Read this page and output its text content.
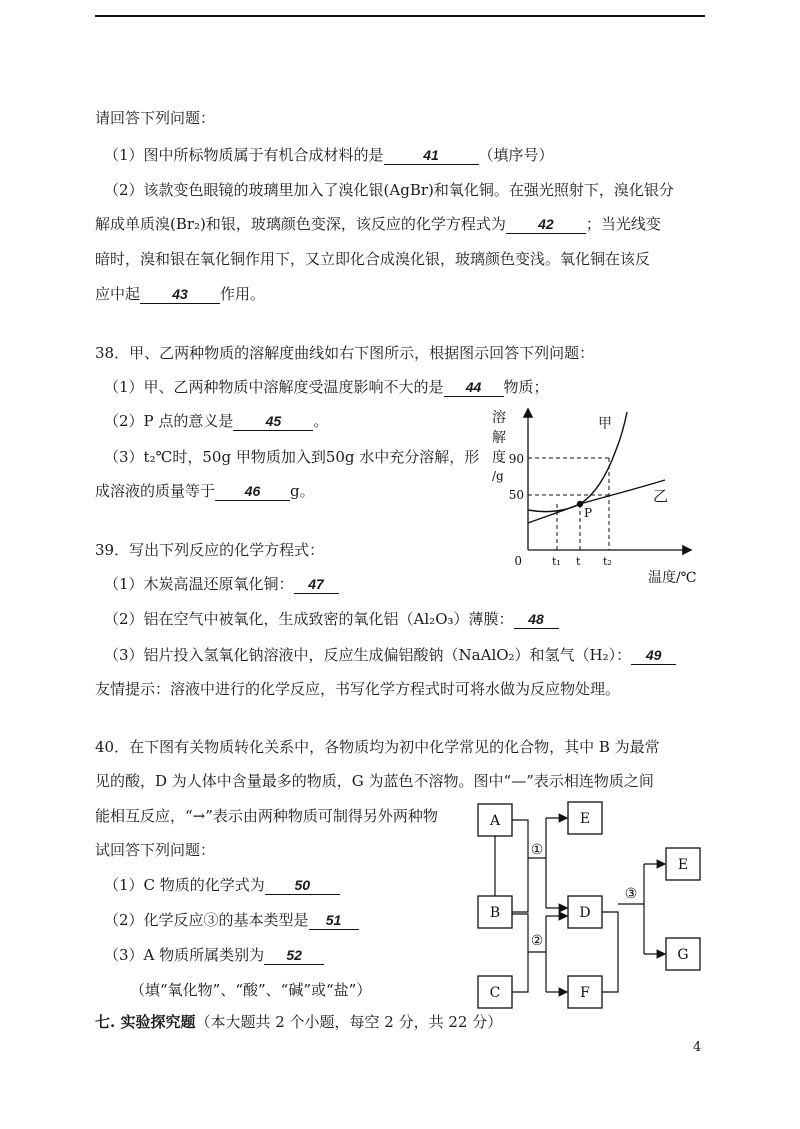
请回答下列问题：
（1）图中所标物质属于有机合成材料的是	41	（填序号）
（2）该款变色眼镜的玻璃里加入了溴化银(AgBr)和氧化铜。在强光照射下，溴化银分
解成单质溴(Br₂)和银，玻璃颜色变深，该反应的化学方程式为 42 ；当光线变
暗时，溴和银在氧化铜作用下，又立即化合成溴化银，玻璃颜色变浅。氧化铜在该反
应中起 43 作用。
38．甲、乙两种物质的溶解度曲线如右下图所示，根据图示回答下列问题：
（1）甲、乙两种物质中溶解度受温度影响不大的是 44 物质；
（2）P 点的意义是 45 。
（3）t₂℃时，50g 甲物质加入到50g 水中充分溶解，形
成溶液的质量等于 46 g。
溶
解
度
/g
0
90
50
P
甲
乙
t₁ t t₂
温度/℃
39．写出下列反应的化学方程式：
（1）木炭高温还原氧化铜： 47
（2）铝在空气中被氧化，生成致密的氧化铝（Al₂O₃）薄膜： 48
（3）铝片投入氢氧化钠溶液中，反应生成偏铝酸钠（NaAlO₂）和氢气（H₂）： 49
友情提示：溶液中进行的化学反应，书写化学方程式时可将水做为反应物处理。
40．在下图有关物质转化关系中，各物质均为初中化学常见的化合物，其中 B 为最常
见的酸，D 为人体中含量最多的物质，G 为蓝色不溶物。图中“—”表示相连物质之间
能相互反应，“→”表示由两种物质可制得另外两种物
试回答下列问题：
（1）C 物质的化学式为 50
（2）化学反应③的基本类型是 51
（3）A 物质所属类别为 52
（填“氧化物”、“酸”、“碱”或“盐”）
A
B
C
E
D
F
E
G
①
②
③
七. 实验探究题（本大题共 2 个小题，每空 2 分，共 22 分）
4
